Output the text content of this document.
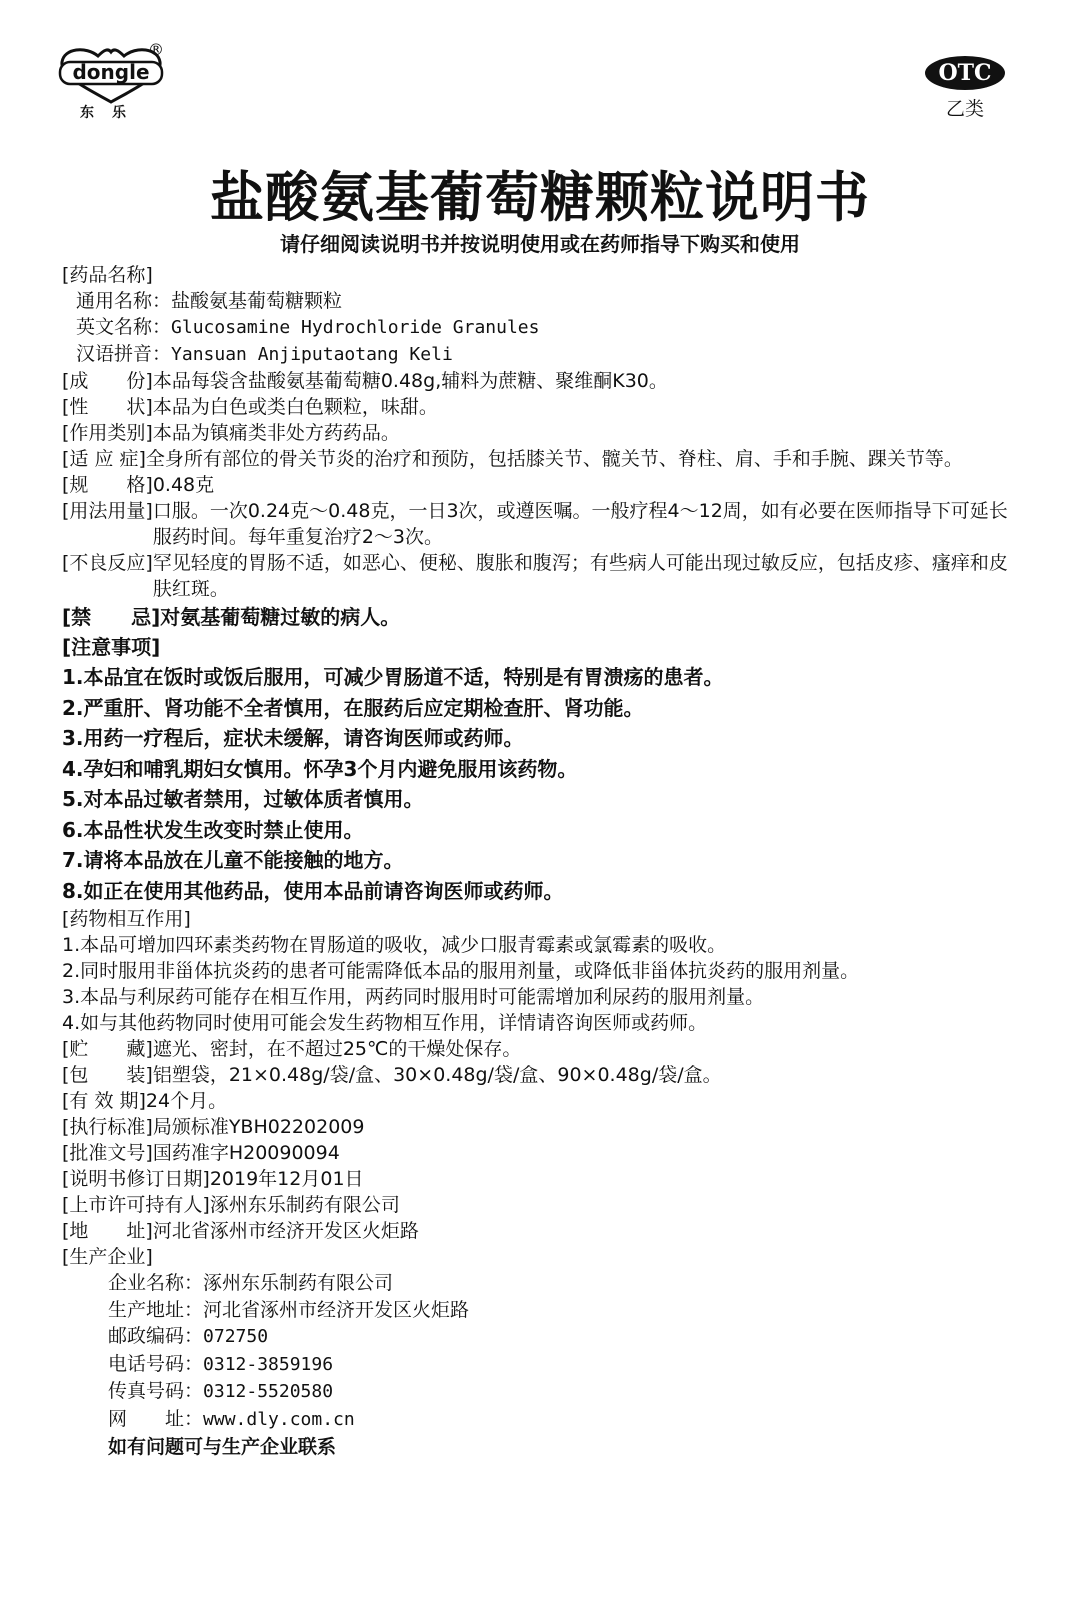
dongle
®
东乐
OTC
乙类
盐酸氨基葡萄糖颗粒说明书
请仔细阅读说明书并按说明使用或在药师指导下购买和使用
[药品名称]
通用名称：盐酸氨基葡萄糖颗粒
英文名称：Glucosamine Hydrochloride Granules
汉语拼音：Yansuan Anjiputaotang Keli
[成　　份] 本品每袋含盐酸氨基葡萄糖0.48g,辅料为蔗糖、聚维酮K30。
[性　　状] 本品为白色或类白色颗粒，味甜。
[作用类别] 本品为镇痛类非处方药药品。
[适 应 症] 全身所有部位的骨关节炎的治疗和预防，包括膝关节、髋关节、脊柱、肩、手和手腕、踝关节等。
[规　　格] 0.48克
[用法用量] 口服。一次0.24克～0.48克，一日3次，或遵医嘱。一般疗程4～12周，如有必要在医师指导下可延长服药时间。每年重复治疗2～3次。
[不良反应] 罕见轻度的胃肠不适，如恶心、便秘、腹胀和腹泻；有些病人可能出现过敏反应，包括皮疹、瘙痒和皮肤红斑。
[禁　　忌] 对氨基葡萄糖过敏的病人。
[注意事项]
1.本品宜在饭时或饭后服用，可减少胃肠道不适，特别是有胃溃疡的患者。
2.严重肝、肾功能不全者慎用，在服药后应定期检查肝、肾功能。
3.用药一疗程后，症状未缓解，请咨询医师或药师。
4.孕妇和哺乳期妇女慎用。怀孕3个月内避免服用该药物。
5.对本品过敏者禁用，过敏体质者慎用。
6.本品性状发生改变时禁止使用。
7.请将本品放在儿童不能接触的地方。
8.如正在使用其他药品，使用本品前请咨询医师或药师。
[药物相互作用]
1. 本品可增加四环素类药物在胃肠道的吸收，减少口服青霉素或氯霉素的吸收。
2. 同时服用非甾体抗炎药的患者可能需降低本品的服用剂量，或降低非甾体抗炎药的服用剂量。
3. 本品与利尿药可能存在相互作用，两药同时服用时可能需增加利尿药的服用剂量。
4. 如与其他药物同时使用可能会发生药物相互作用，详情请咨询医师或药师。
[贮　　藏] 遮光、密封，在不超过25℃的干燥处保存。
[包　　装] 铝塑袋，21×0.48g/袋/盒、30×0.48g/袋/盒、90×0.48g/袋/盒。
[有 效 期] 24个月。
[执行标准] 局颁标准YBH02202009
[批准文号] 国药准字H20090094
[说明书修订日期] 2019年12月01日
[上市许可持有人] 涿州东乐制药有限公司
[地　　址] 河北省涿州市经济开发区火炬路
[生产企业]
企业名称：涿州东乐制药有限公司
生产地址：河北省涿州市经济开发区火炬路
邮政编码：072750
电话号码：0312-3859196
传真号码：0312-5520580
网　　址：www.dly.com.cn
如有问题可与生产企业联系
